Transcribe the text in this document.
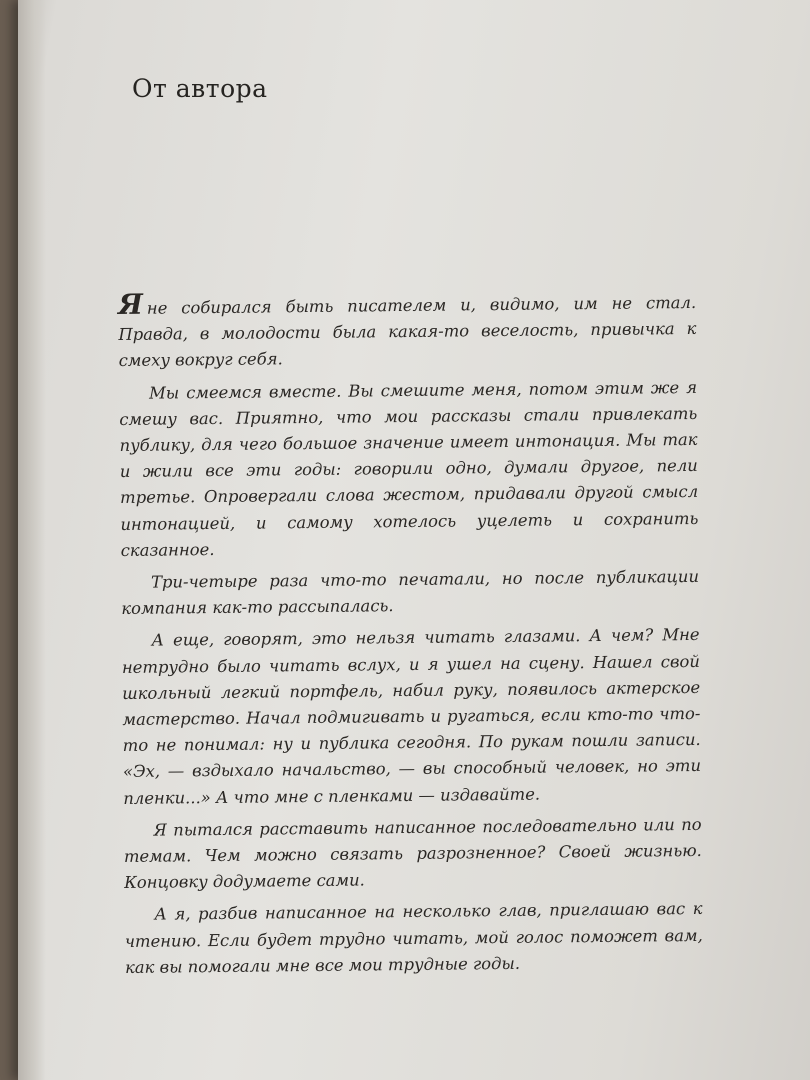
От автора

Яне собирался быть писателем и, видимо, им не стал. Правда, в молодости была какая-то веселость, привычка к смеху вокруг себя.

Мы смеемся вместе. Вы смешите меня, потом этим же я смешу вас. Приятно, что мои рассказы стали привлекать публику, для чего большое значение имеет интонация. Мы так и жили все эти годы: говорили одно, думали другое, пели третье. Опровергали слова жестом, придавали другой смысл интонацией, и самому хотелось уцелеть и сохранить сказанное.

Три-четыре раза что-то печатали, но после публикации компания как-то рассыпалась.

А еще, говорят, это нельзя читать глазами. А чем? Мне нетрудно было читать вслух, и я ушел на сцену. Нашел свой школьный легкий портфель, набил руку, появилось актерское мастерство. Начал подмигивать и ругаться, если кто-то что-то не понимал: ну и публика сегодня. По рукам пошли записи. «Эх, — вздыхало начальство, — вы способный человек, но эти пленки...» А что мне с пленками — издавайте.

Я пытался расставить написанное последовательно или по темам. Чем можно связать разрозненное? Своей жизнью. Концовку додумаете сами.

А я, разбив написанное на несколько глав, приглашаю вас к чтению. Если будет трудно читать, мой голос поможет вам, как вы помогали мне все мои трудные годы.
